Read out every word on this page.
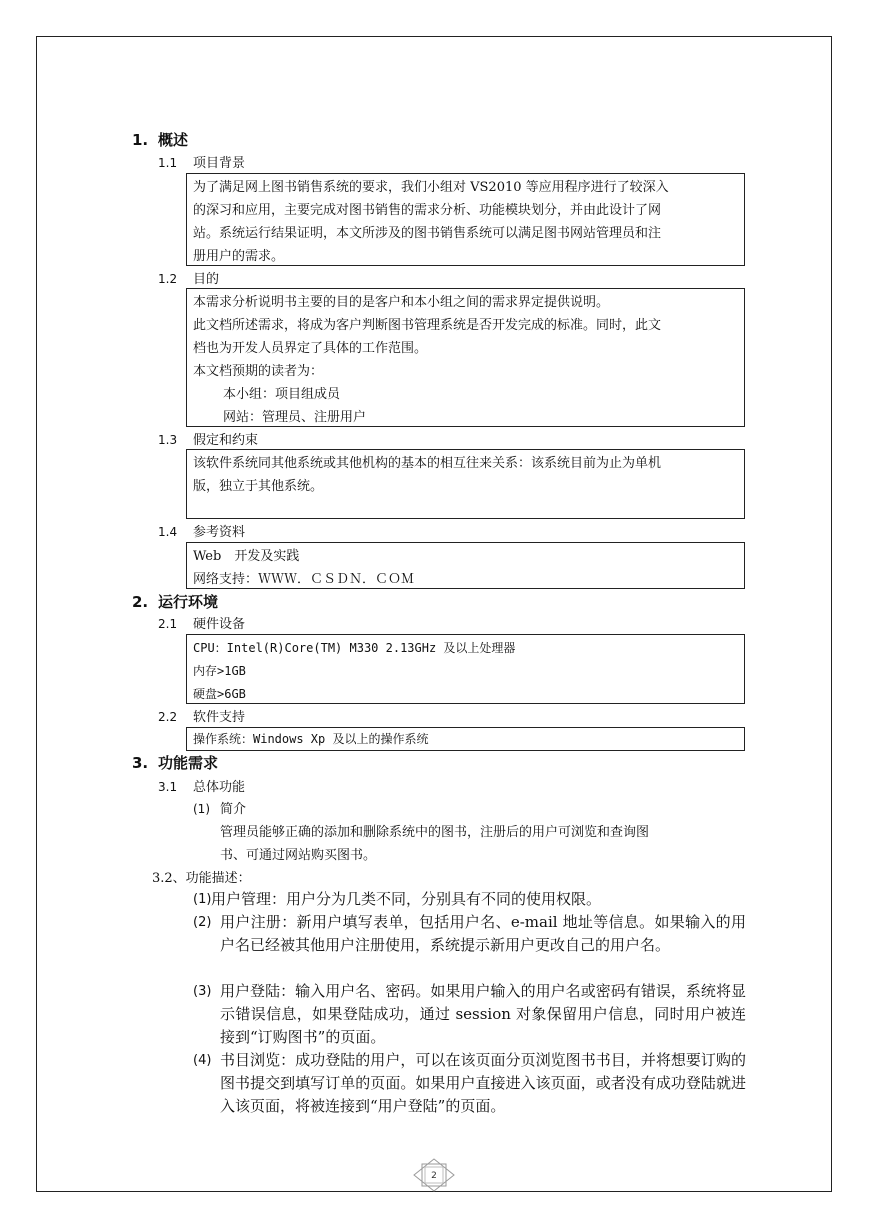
1. 概述
1.1 项目背景

为了满足网上图书销售系统的要求，我们小组对 VS2010 等应用程序进行了较深入

的深习和应用，主要完成对图书销售的需求分析、功能模块划分，并由此设计了网

站。系统运行结果证明，本文所涉及的图书销售系统可以满足图书网站管理员和注

册用户的需求。

1.2 目的

本需求分析说明书主要的目的是客户和本小组之间的需求界定提供说明。

此文档所述需求，将成为客户判断图书管理系统是否开发完成的标准。同时，此文

档也为开发人员界定了具体的工作范围。

本文档预期的读者为：

本小组：项目组成员

网站：管理员、注册用户

1.3 假定和约束

该软件系统同其他系统或其他机构的基本的相互往来关系：该系统目前为止为单机

版，独立于其他系统。

1.4 参考资料

Web　开发及实践

网络支持：ＷＷＷ．ＣＳＤＮ．ＣＯＭ

2. 运行环境
2.1 硬件设备

CPU：Intel(R)Core(TM) M330 2.13GHz 及以上处理器

内存>1GB

硬盘>6GB

2.2 软件支持

操作系统：Windows Xp 及以上的操作系统

3. 功能需求
3.1 总体功能
(1) 简介
管理员能够正确的添加和删除系统中的图书，注册后的用户可浏览和查询图
书、可通过网站购买图书。
3.2、功能描述：
(1) 用户管理：用户分为几类不同，分别具有不同的使用权限。
(2) 用户注册：新用户填写表单，包括用户名、e-mail 地址等信息。如果输入的用户名已经被其他用户注册使用，系统提示新用户更改自己的用户名。
(3) 用户登陆：输入用户名、密码。如果用户输入的用户名或密码有错误，系统将显示错误信息，如果登陆成功，通过 session 对象保留用户信息，同时用户被连接到“订购图书”的页面。
(4) 书目浏览：成功登陆的用户，可以在该页面分页浏览图书书目，并将想要订购的图书提交到填写订单的页面。如果用户直接进入该页面，或者没有成功登陆就进入该页面，将被连接到“用户登陆”的页面。
2
